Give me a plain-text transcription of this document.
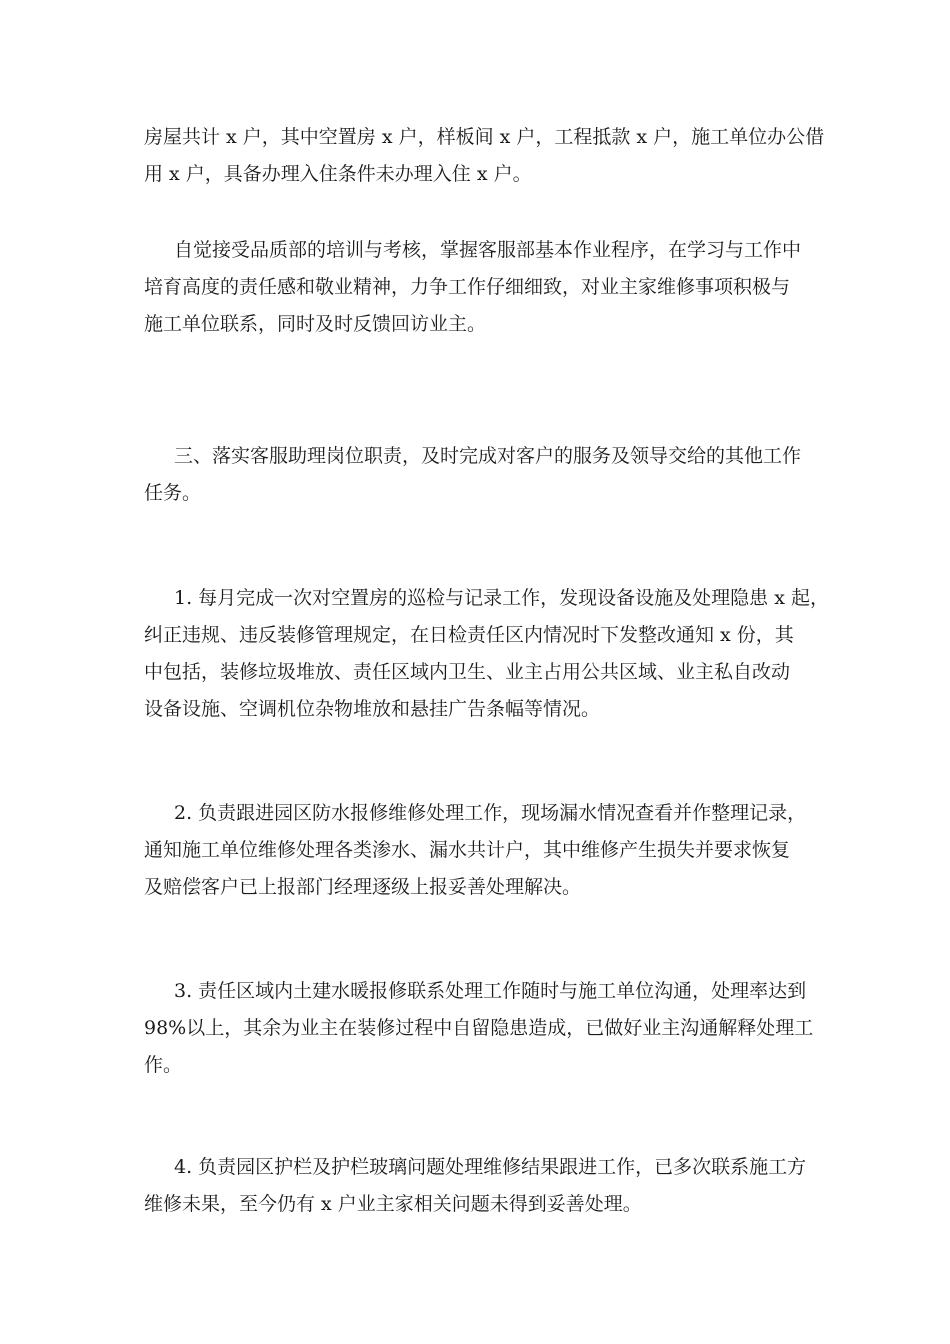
房屋共计 x 户，其中空置房 x 户，样板间 x 户，工程抵款 x 户，施工单位办公借
用 x 户，具备办理入住条件未办理入住 x 户。

自觉接受品质部的培训与考核，掌握客服部基本作业程序，在学习与工作中
培育高度的责任感和敬业精神，力争工作仔细细致，对业主家维修事项积极与
施工单位联系，同时及时反馈回访业主。

三、落实客服助理岗位职责，及时完成对客户的服务及领导交给的其他工作
任务。

1. 每月完成一次对空置房的巡检与记录工作，发现设备设施及处理隐患 x 起，
纠正违规、违反装修管理规定，在日检责任区内情况时下发整改通知 x 份，其
中包括，装修垃圾堆放、责任区域内卫生、业主占用公共区域、业主私自改动
设备设施、空调机位杂物堆放和悬挂广告条幅等情况。

2. 负责跟进园区防水报修维修处理工作，现场漏水情况查看并作整理记录，
通知施工单位维修处理各类渗水、漏水共计户，其中维修产生损失并要求恢复
及赔偿客户已上报部门经理逐级上报妥善处理解决。

3. 责任区域内土建水暖报修联系处理工作随时与施工单位沟通，处理率达到
98%以上，其余为业主在装修过程中自留隐患造成，已做好业主沟通解释处理工
作。

4. 负责园区护栏及护栏玻璃问题处理维修结果跟进工作，已多次联系施工方
维修未果，至今仍有 x 户业主家相关问题未得到妥善处理。
